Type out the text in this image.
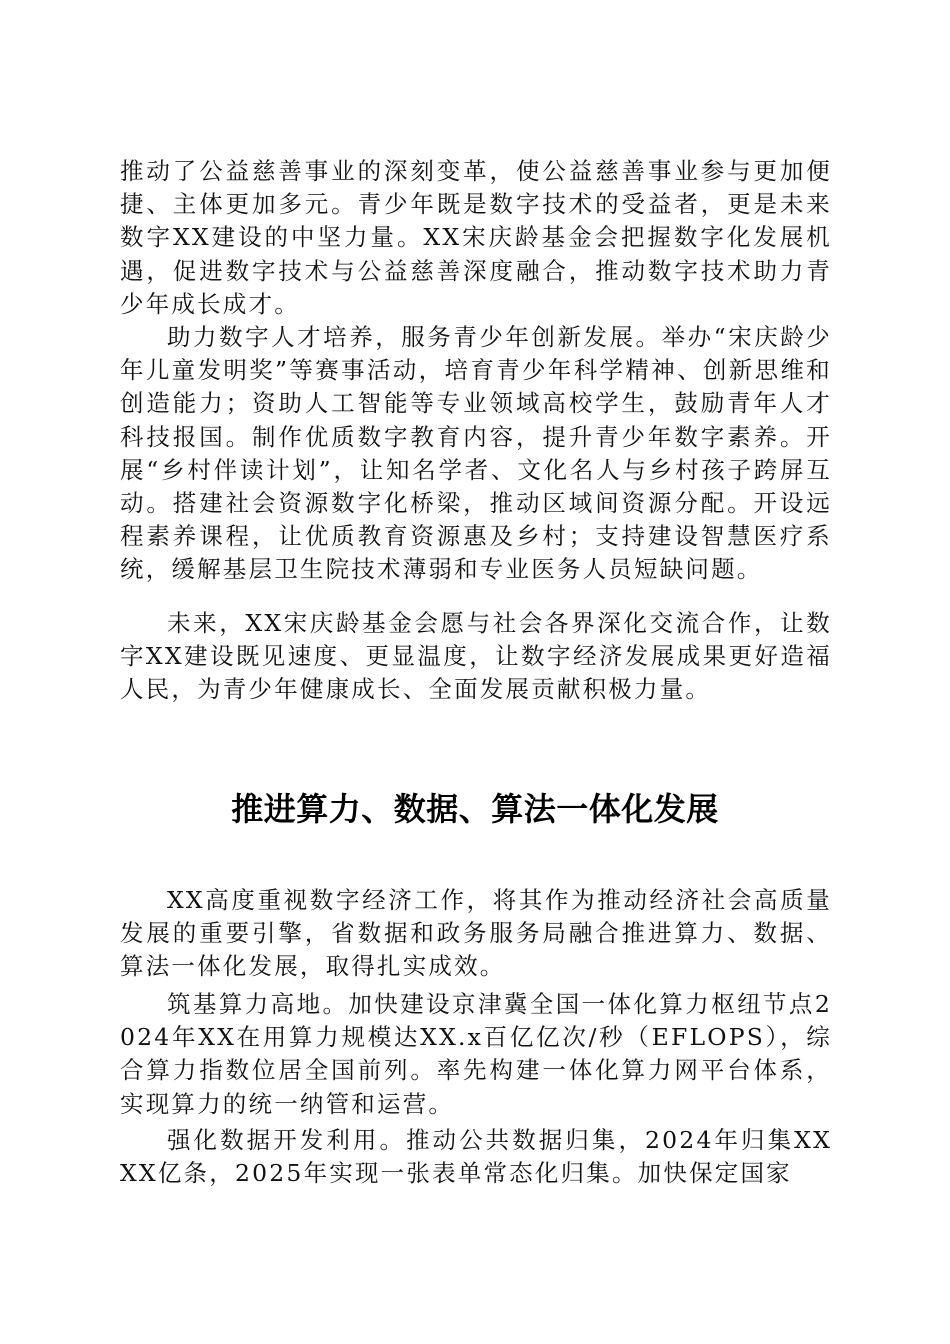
推动了公益慈善事业的深刻变革，使公益慈善事业参与更加便捷、主体更加多元。青少年既是数字技术的受益者，更是未来数字XX建设的中坚力量。XX宋庆龄基金会把握数字化发展机遇，促进数字技术与公益慈善深度融合，推动数字技术助力青少年成长成才。

助力数字人才培养，服务青少年创新发展。举办“宋庆龄少年儿童发明奖”等赛事活动，培育青少年科学精神、创新思维和创造能力；资助人工智能等专业领域高校学生，鼓励青年人才科技报国。制作优质数字教育内容，提升青少年数字素养。开展“乡村伴读计划”，让知名学者、文化名人与乡村孩子跨屏互动。搭建社会资源数字化桥梁，推动区域间资源分配。开设远程素养课程，让优质教育资源惠及乡村；支持建设智慧医疗系统，缓解基层卫生院技术薄弱和专业医务人员短缺问题。

未来，XX宋庆龄基金会愿与社会各界深化交流合作，让数字XX建设既见速度、更显温度，让数字经济发展成果更好造福人民，为青少年健康成长、全面发展贡献积极力量。

推进算力、数据、算法一体化发展

XX高度重视数字经济工作，将其作为推动经济社会高质量发展的重要引擎，省数据和政务服务局融合推进算力、数据、算法一体化发展，取得扎实成效。

筑基算力高地。加快建设京津冀全国一体化算力枢纽节点2024年XX在用算力规模达XX.x百亿亿次/秒（EFLOPS），综合算力指数位居全国前列。率先构建一体化算力网平台体系，实现算力的统一纳管和运营。

强化数据开发利用。推动公共数据归集，2024年归集XXXX亿条，2025年实现一张表单常态化归集。加快保定国家
